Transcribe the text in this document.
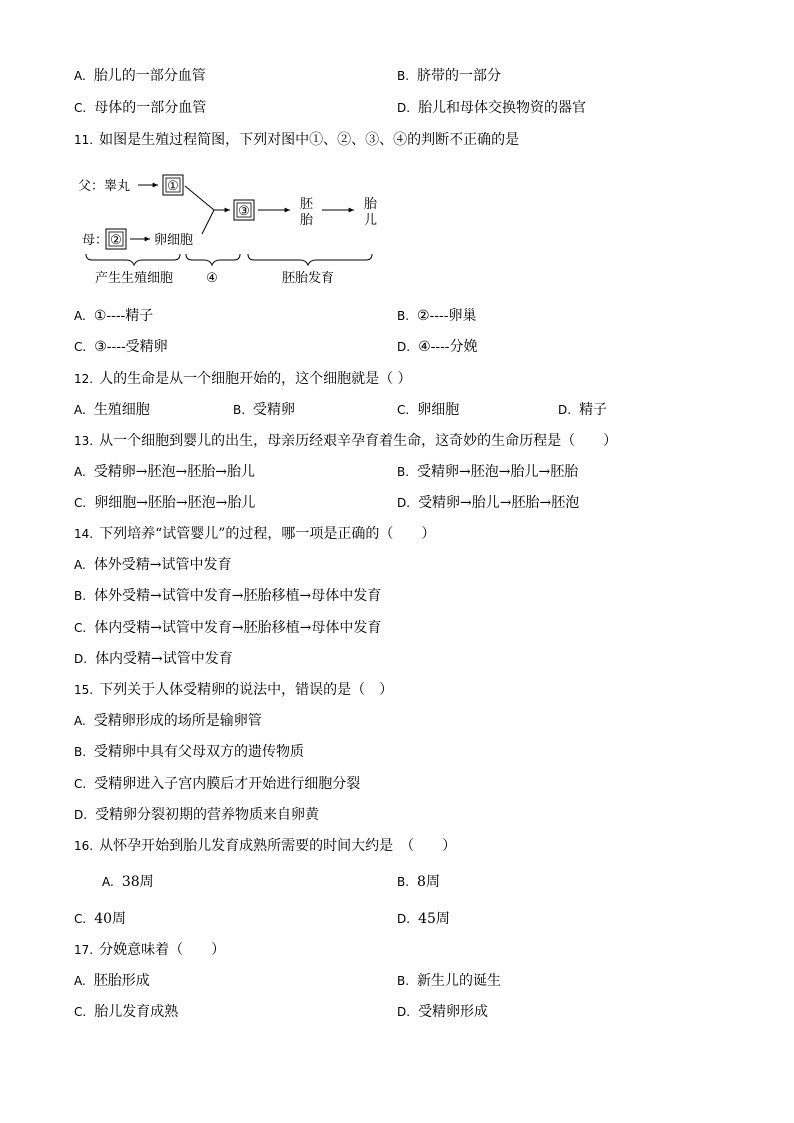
A. 胎儿的一部分血管	B. 脐带的一部分
C. 母体的一部分血管	D. 胎儿和母体交换物资的器官
11. 如图是生殖过程简图，下列对图中①、②、③、④的判断不正确的是
父：睾丸	①
③	胚
胎
胎
儿
母： ② 卵细胞
产生生殖细胞	④	胚胎发育
A. ①----精子	B. ②----卵巢
C. ③----受精卵	D. ④----分娩
12. 人的生命是从一个细胞开始的，这个细胞就是（ ）
A. 生殖细胞	B. 受精卵	C. 卵细胞	D. 精子
13. 从一个细胞到婴儿的出生，母亲历经艰辛孕育着生命，这奇妙的生命历程是（　　）
A. 受精卵→胚泡→胚胎→胎儿	B. 受精卵→胚泡→胎儿→胚胎
C. 卵细胞→胚胎→胚泡→胎儿	D. 受精卵→胎儿→胚胎→胚泡
14. 下列培养“试管婴儿”的过程，哪一项是正确的（　　）
A. 体外受精→试管中发育
B. 体外受精→试管中发育→胚胎移植→母体中发育
C. 体内受精→试管中发育→胚胎移植→母体中发育
D. 体内受精→试管中发育
15. 下列关于人体受精卵的说法中，错误的是（　）
A. 受精卵形成的场所是输卵管
B. 受精卵中具有父母双方的遗传物质
C. 受精卵进入子宫内膜后才开始进行细胞分裂
D. 受精卵分裂初期的营养物质来自卵黄
16. 从怀孕开始到胎儿发育成熟所需要的时间大约是　（　　）
A. 38周	B. 8周
C. 40周	D. 45周
17. 分娩意味着（　　）
A. 胚胎形成	B. 新生儿的诞生
C. 胎儿发育成熟	D. 受精卵形成
